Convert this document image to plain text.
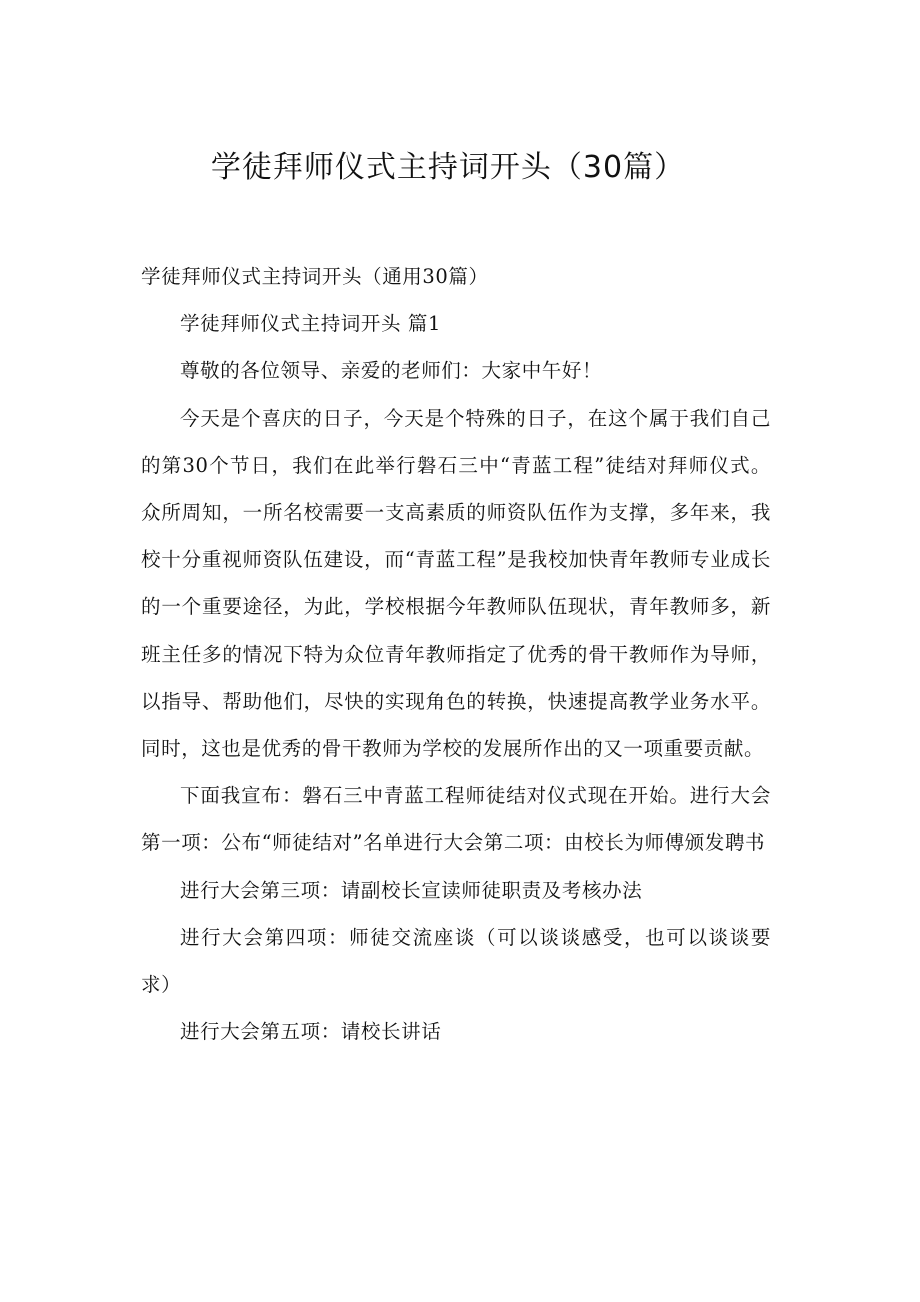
学徒拜师仪式主持词开头（30篇）

学徒拜师仪式主持词开头（通用30篇）

学徒拜师仪式主持词开头 篇1

尊敬的各位领导、亲爱的老师们：大家中午好！

今天是个喜庆的日子，今天是个特殊的日子，在这个属于我们自己的第30个节日，我们在此举行磐石三中“青蓝工程”徒结对拜师仪式。众所周知，一所名校需要一支高素质的师资队伍作为支撑，多年来，我校十分重视师资队伍建设，而“青蓝工程”是我校加快青年教师专业成长的一个重要途径，为此，学校根据今年教师队伍现状，青年教师多，新班主任多的情况下特为众位青年教师指定了优秀的骨干教师作为导师，以指导、帮助他们，尽快的实现角色的转换，快速提高教学业务水平。同时，这也是优秀的骨干教师为学校的发展所作出的又一项重要贡献。

下面我宣布：磐石三中青蓝工程师徒结对仪式现在开始。进行大会第一项：公布“师徒结对”名单进行大会第二项：由校长为师傅颁发聘书

进行大会第三项：请副校长宣读师徒职责及考核办法

进行大会第四项：师徒交流座谈（可以谈谈感受，也可以谈谈要求）

进行大会第五项：请校长讲话
